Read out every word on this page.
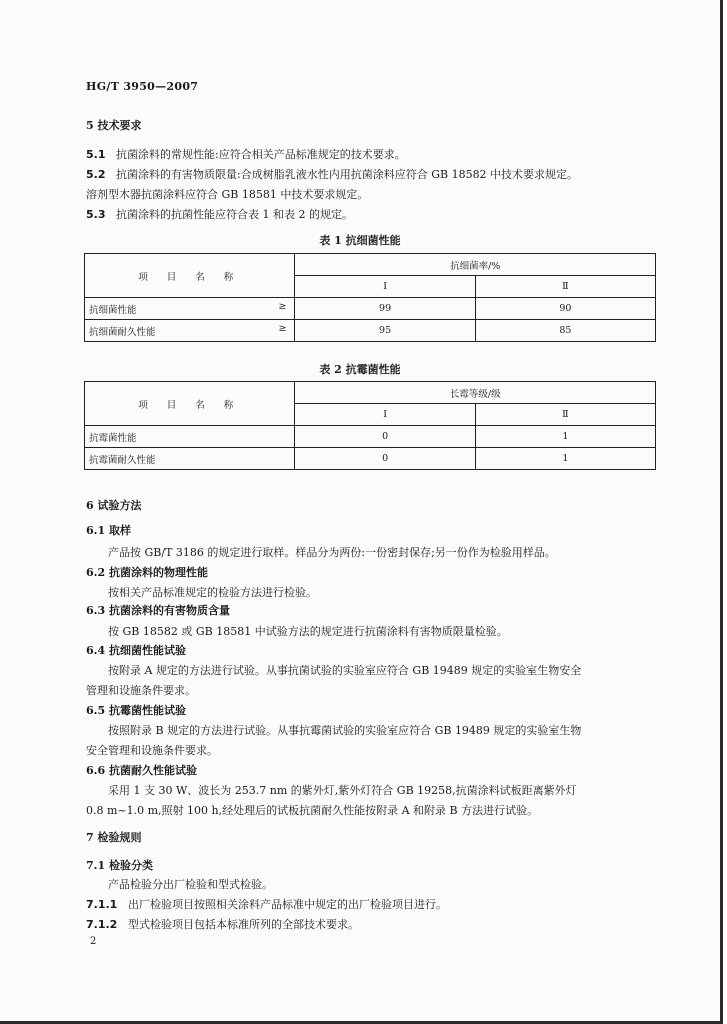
HG/T 3950—2007
5 技术要求
5.1 抗菌涂料的常规性能:应符合相关产品标准规定的技术要求。
5.2 抗菌涂料的有害物质限量:合成树脂乳液水性内用抗菌涂料应符合 GB 18582 中技术要求规定。
溶剂型木器抗菌涂料应符合 GB 18581 中技术要求规定。
5.3 抗菌涂料的抗菌性能应符合表 1 和表 2 的规定。
表 1 抗细菌性能
项 目 名 称	抗细菌率/%	
	Ⅰ	Ⅱ
抗细菌性能 ≥	99	90
抗细菌耐久性能 ≥	95	85
表 2 抗霉菌性能
项 目 名 称	长霉等级/级	
	Ⅰ	Ⅱ
抗霉菌性能	0	1
抗霉菌耐久性能	0	1
6 试验方法
6.1 取样
产品按 GB/T 3186 的规定进行取样。样品分为两份:一份密封保存;另一份作为检验用样品。
6.2 抗菌涂料的物理性能
按相关产品标准规定的检验方法进行检验。
6.3 抗菌涂料的有害物质含量
按 GB 18582 或 GB 18581 中试验方法的规定进行抗菌涂料有害物质限量检验。
6.4 抗细菌性能试验
按附录 A 规定的方法进行试验。从事抗菌试验的实验室应符合 GB 19489 规定的实验室生物安全
管理和设施条件要求。
6.5 抗霉菌性能试验
按照附录 B 规定的方法进行试验。从事抗霉菌试验的实验室应符合 GB 19489 规定的实验室生物
安全管理和设施条件要求。
6.6 抗菌耐久性能试验
采用 1 支 30 W、波长为 253.7 nm 的紫外灯,紫外灯符合 GB 19258,抗菌涂料试板距离紫外灯
0.8 m~1.0 m,照射 100 h,经处理后的试板抗菌耐久性能按附录 A 和附录 B 方法进行试验。
7 检验规则
7.1 检验分类
产品检验分出厂检验和型式检验。
7.1.1 出厂检验项目按照相关涂料产品标准中规定的出厂检验项目进行。
7.1.2 型式检验项目包括本标准所列的全部技术要求。
2
